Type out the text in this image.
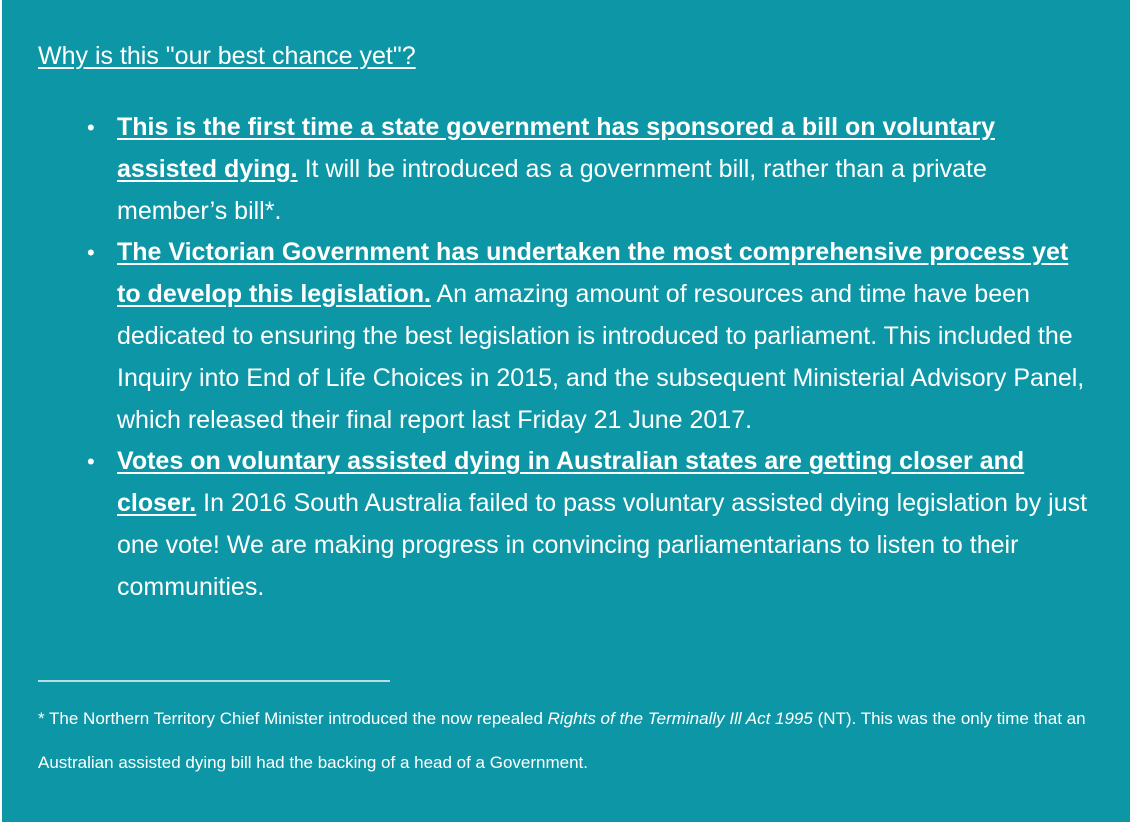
Why is this "our best chance yet"?
• This is the first time a state government has sponsored a bill on voluntary assisted dying. It will be introduced as a government bill, rather than a private member’s bill*.
• The Victorian Government has undertaken the most comprehensive process yet to develop this legislation. An amazing amount of resources and time have been dedicated to ensuring the best legislation is introduced to parliament. This included the Inquiry into End of Life Choices in 2015, and the subsequent Ministerial Advisory Panel, which released their final report last Friday 21 June 2017.
• Votes on voluntary assisted dying in Australian states are getting closer and closer. In 2016 South Australia failed to pass voluntary assisted dying legislation by just one vote! We are making progress in convincing parliamentarians to listen to their communities.

* The Northern Territory Chief Minister introduced the now repealed Rights of the Terminally Ill Act 1995 (NT). This was the only time that an Australian assisted dying bill had the backing of a head of a Government.
